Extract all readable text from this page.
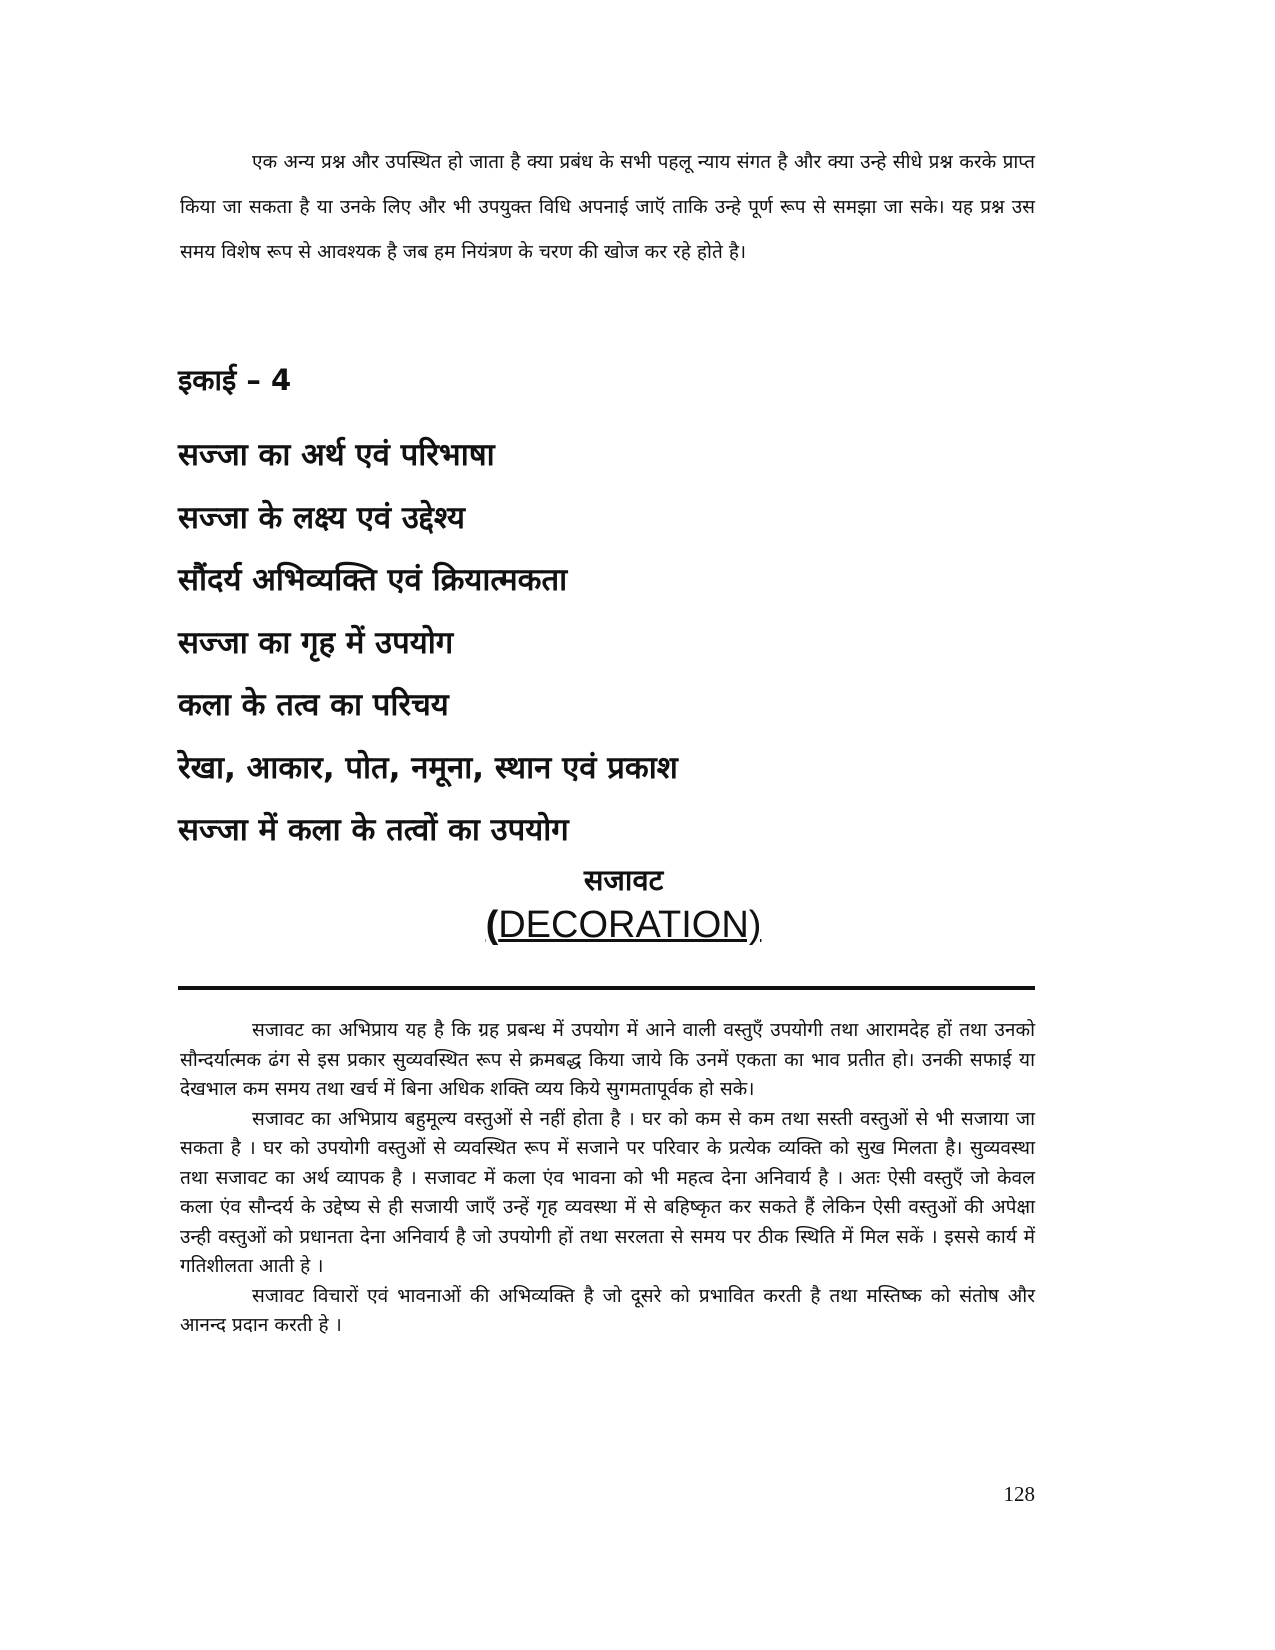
एक अन्य प्रश्न और उपस्थित हो जाता है क्या प्रबंध के सभी पहलू न्याय संगत है और क्या उन्हे सीधे प्रश्न करके प्राप्त किया जा सकता है या उनके लिए और भी उपयुक्त विधि अपनाई जाऍ ताकि उन्हे पूर्ण रूप से समझा जा सके। यह प्रश्न उस समय विशेष रूप से आवश्यक है जब हम नियंत्रण के चरण की खोज कर रहे होते है।

इकाई – 4
सज्जा का अर्थ एवं परिभाषा
सज्जा के लक्ष्य एवं उद्देश्य
सौंदर्य अभिव्यक्ति एवं क्रियात्मकता
सज्जा का गृह में उपयोग
कला के तत्व का परिचय
रेखा, आकार, पोत, नमूना, स्थान एवं प्रकाश
सज्जा में कला के तत्वों का उपयोग
सजावट
(DECORATION)

सजावट का अभिप्राय यह है कि ग्रह प्रबन्ध में उपयोग में आने वाली वस्तुएँ उपयोगी तथा आरामदेह हों तथा उनको सौन्दर्यात्मक ढंग से इस प्रकार सुव्यवस्थित रूप से क्रमबद्ध किया जाये कि उनमें एकता का भाव प्रतीत हो। उनकी सफाई या देखभाल कम समय तथा खर्च में बिना अधिक शक्ति व्यय किये सुगमतापूर्वक हो सके।

सजावट का अभिप्राय बहुमूल्य वस्तुओं से नहीं होता है । घर को कम से कम तथा सस्ती वस्तुओं से भी सजाया जा सकता है । घर को उपयोगी वस्तुओं से व्यवस्थित रूप में सजाने पर परिवार के प्रत्येक व्यक्ति को सुख मिलता है। सुव्यवस्था तथा सजावट का अर्थ व्यापक है । सजावट में कला एंव भावना को भी महत्व देना अनिवार्य है । अतः ऐसी वस्तुएँ जो केवल कला एंव सौन्दर्य के उद्देष्य से ही सजायी जाएँ उन्हें गृह व्यवस्था में से बहिष्कृत कर सकते हैं लेकिन ऐसी वस्तुओं की अपेक्षा उन्ही वस्तुओं को प्रधानता देना अनिवार्य है जो उपयोगी हों तथा सरलता से समय पर ठीक स्थिति में मिल सकें । इससे कार्य में गतिशीलता आती हे ।

सजावट विचारों एवं भावनाओं की अभिव्यक्ति है जो दूसरे को प्रभावित करती है तथा मस्तिष्क को संतोष और आनन्द प्रदान करती हे ।

128
